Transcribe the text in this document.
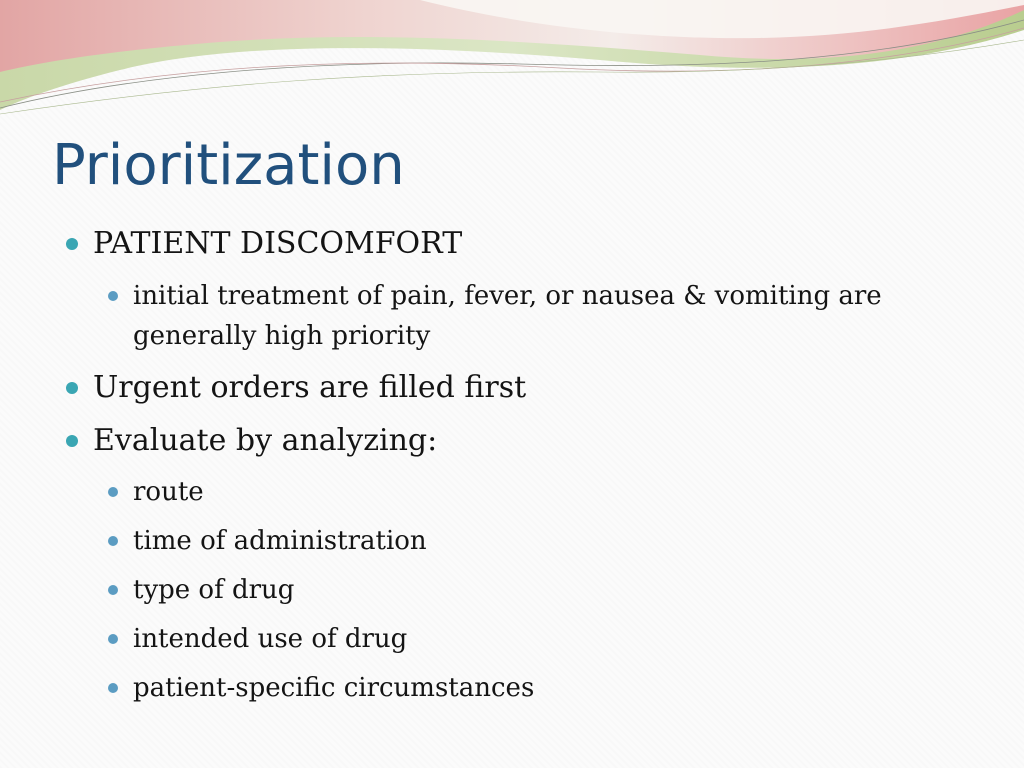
Prioritization
PATIENT DISCOMFORT
initial treatment of pain, fever, or nausea & vomiting are generally high priority
Urgent orders are filled first
Evaluate by analyzing:
route
time of administration
type of drug
intended use of drug
patient-specific circumstances
